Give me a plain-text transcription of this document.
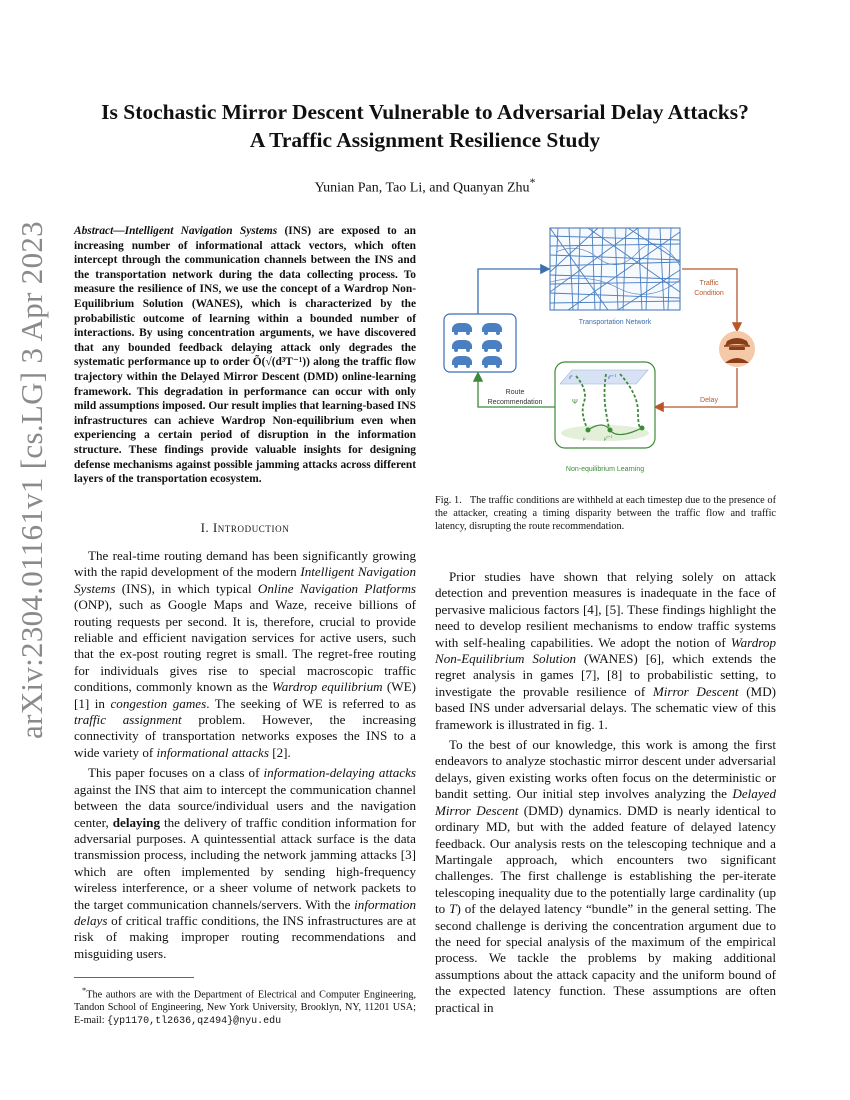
arXiv:2304.01161v1 [cs.LG] 3 Apr 2023
Is Stochastic Mirror Descent Vulnerable to Adversarial Delay Attacks?
A Traffic Assignment Resilience Study
Yunian Pan, Tao Li, and Quanyan Zhu*
Abstract—Intelligent Navigation Systems (INS) are exposed to an increasing number of informational attack vectors, which often intercept through the communication channels between the INS and the transportation network during the data collecting process. To measure the resilience of INS, we use the concept of a Wardrop Non-Equilibrium Solution (WANES), which is characterized by the probabilistic outcome of learning within a bounded number of interactions. By using concentration arguments, we have discovered that any bounded feedback delaying attack only degrades the systematic performance up to order Õ(√(d³T⁻¹)) along the traffic flow trajectory within the Delayed Mirror Descent (DMD) online-learning framework. This degradation in performance can occur with only mild assumptions imposed. Our result implies that learning-based INS infrastructures can achieve Wardrop Non-equilibrium even when experiencing a certain period of disruption in the information structure. These findings provide valuable insights for designing defense mechanisms against possible jamming attacks across different layers of the transportation ecosystem.
I. Introduction

The real-time routing demand has been significantly growing with the rapid development of the modern Intelligent Navigation Systems (INS), in which typical Online Navigation Platforms (ONP), such as Google Maps and Waze, receive billions of routing requests per second. It is, therefore, crucial to provide reliable and efficient navigation services for active users, such that the ex-post routing regret is small. The regret-free routing for individuals gives rise to special macroscopic traffic conditions, commonly known as the Wardrop equilibrium (WE) [1] in congestion games. The seeking of WE is referred to as traffic assignment problem. However, the increasing connectivity of transportation networks exposes the INS to a wide variety of informational attacks [2].

This paper focuses on a class of information-delaying attacks against the INS that aim to intercept the communication channel between the data source/individual users and the navigation center, delaying the delivery of traffic condition information for adversarial purposes. A quintessential attack surface is the data transmission process, including the network jamming attacks [3] which are often implemented by sending high-frequency wireless interference, or a sheer volume of network packets to the target communication channels/servers. With the information delays of critical traffic conditions, the INS infrastructures are at risk of making improper routing recommendations and misguiding users.

*The authors are with the Department of Electrical and Computer Engineering, Tandon School of Engineering, New York University, Brooklyn, NY, 11201 USA; E-mail: {yp1170,tl2636,qz494}@nyu.edu
Transportation Network
Traffic
Condition
Delay
Ψ
ℓ$^\tau$
ℓ$^{\tau+1}$
μ	$\mu^{t+1}$
Non-equilibrium Learning
Route
Recommendation
Fig. 1. The traffic conditions are withheld at each timestep due to the presence of the attacker, creating a timing disparity between the traffic flow and traffic latency, disrupting the route recommendation.

Prior studies have shown that relying solely on attack detection and prevention measures is inadequate in the face of pervasive malicious factors [4], [5]. These findings highlight the need to develop resilient mechanisms to endow traffic systems with self-healing capabilities. We adopt the notion of Wardrop Non-Equilibrium Solution (WANES) [6], which extends the regret analysis in games [7], [8] to probabilistic setting, to investigate the provable resilience of Mirror Descent (MD) based INS under adversarial delays. The schematic view of this framework is illustrated in fig. 1.

To the best of our knowledge, this work is among the first endeavors to analyze stochastic mirror descent under adversarial delays, given existing works often focus on the deterministic or bandit setting. Our initial step involves analyzing the Delayed Mirror Descent (DMD) dynamics. DMD is nearly identical to ordinary MD, but with the added feature of delayed latency feedback. Our analysis rests on the telescoping technique and a Martingale approach, which encounters two significant challenges. The first challenge is establishing the per-iterate telescoping inequality due to the potentially large cardinality (up to T) of the delayed latency “bundle” in the general setting. The second challenge is deriving the concentration argument due to the need for special analysis of the maximum of the empirical process. We tackle the problems by making additional assumptions about the attack capacity and the uniform bound of the expected latency function. These assumptions are often practical in
